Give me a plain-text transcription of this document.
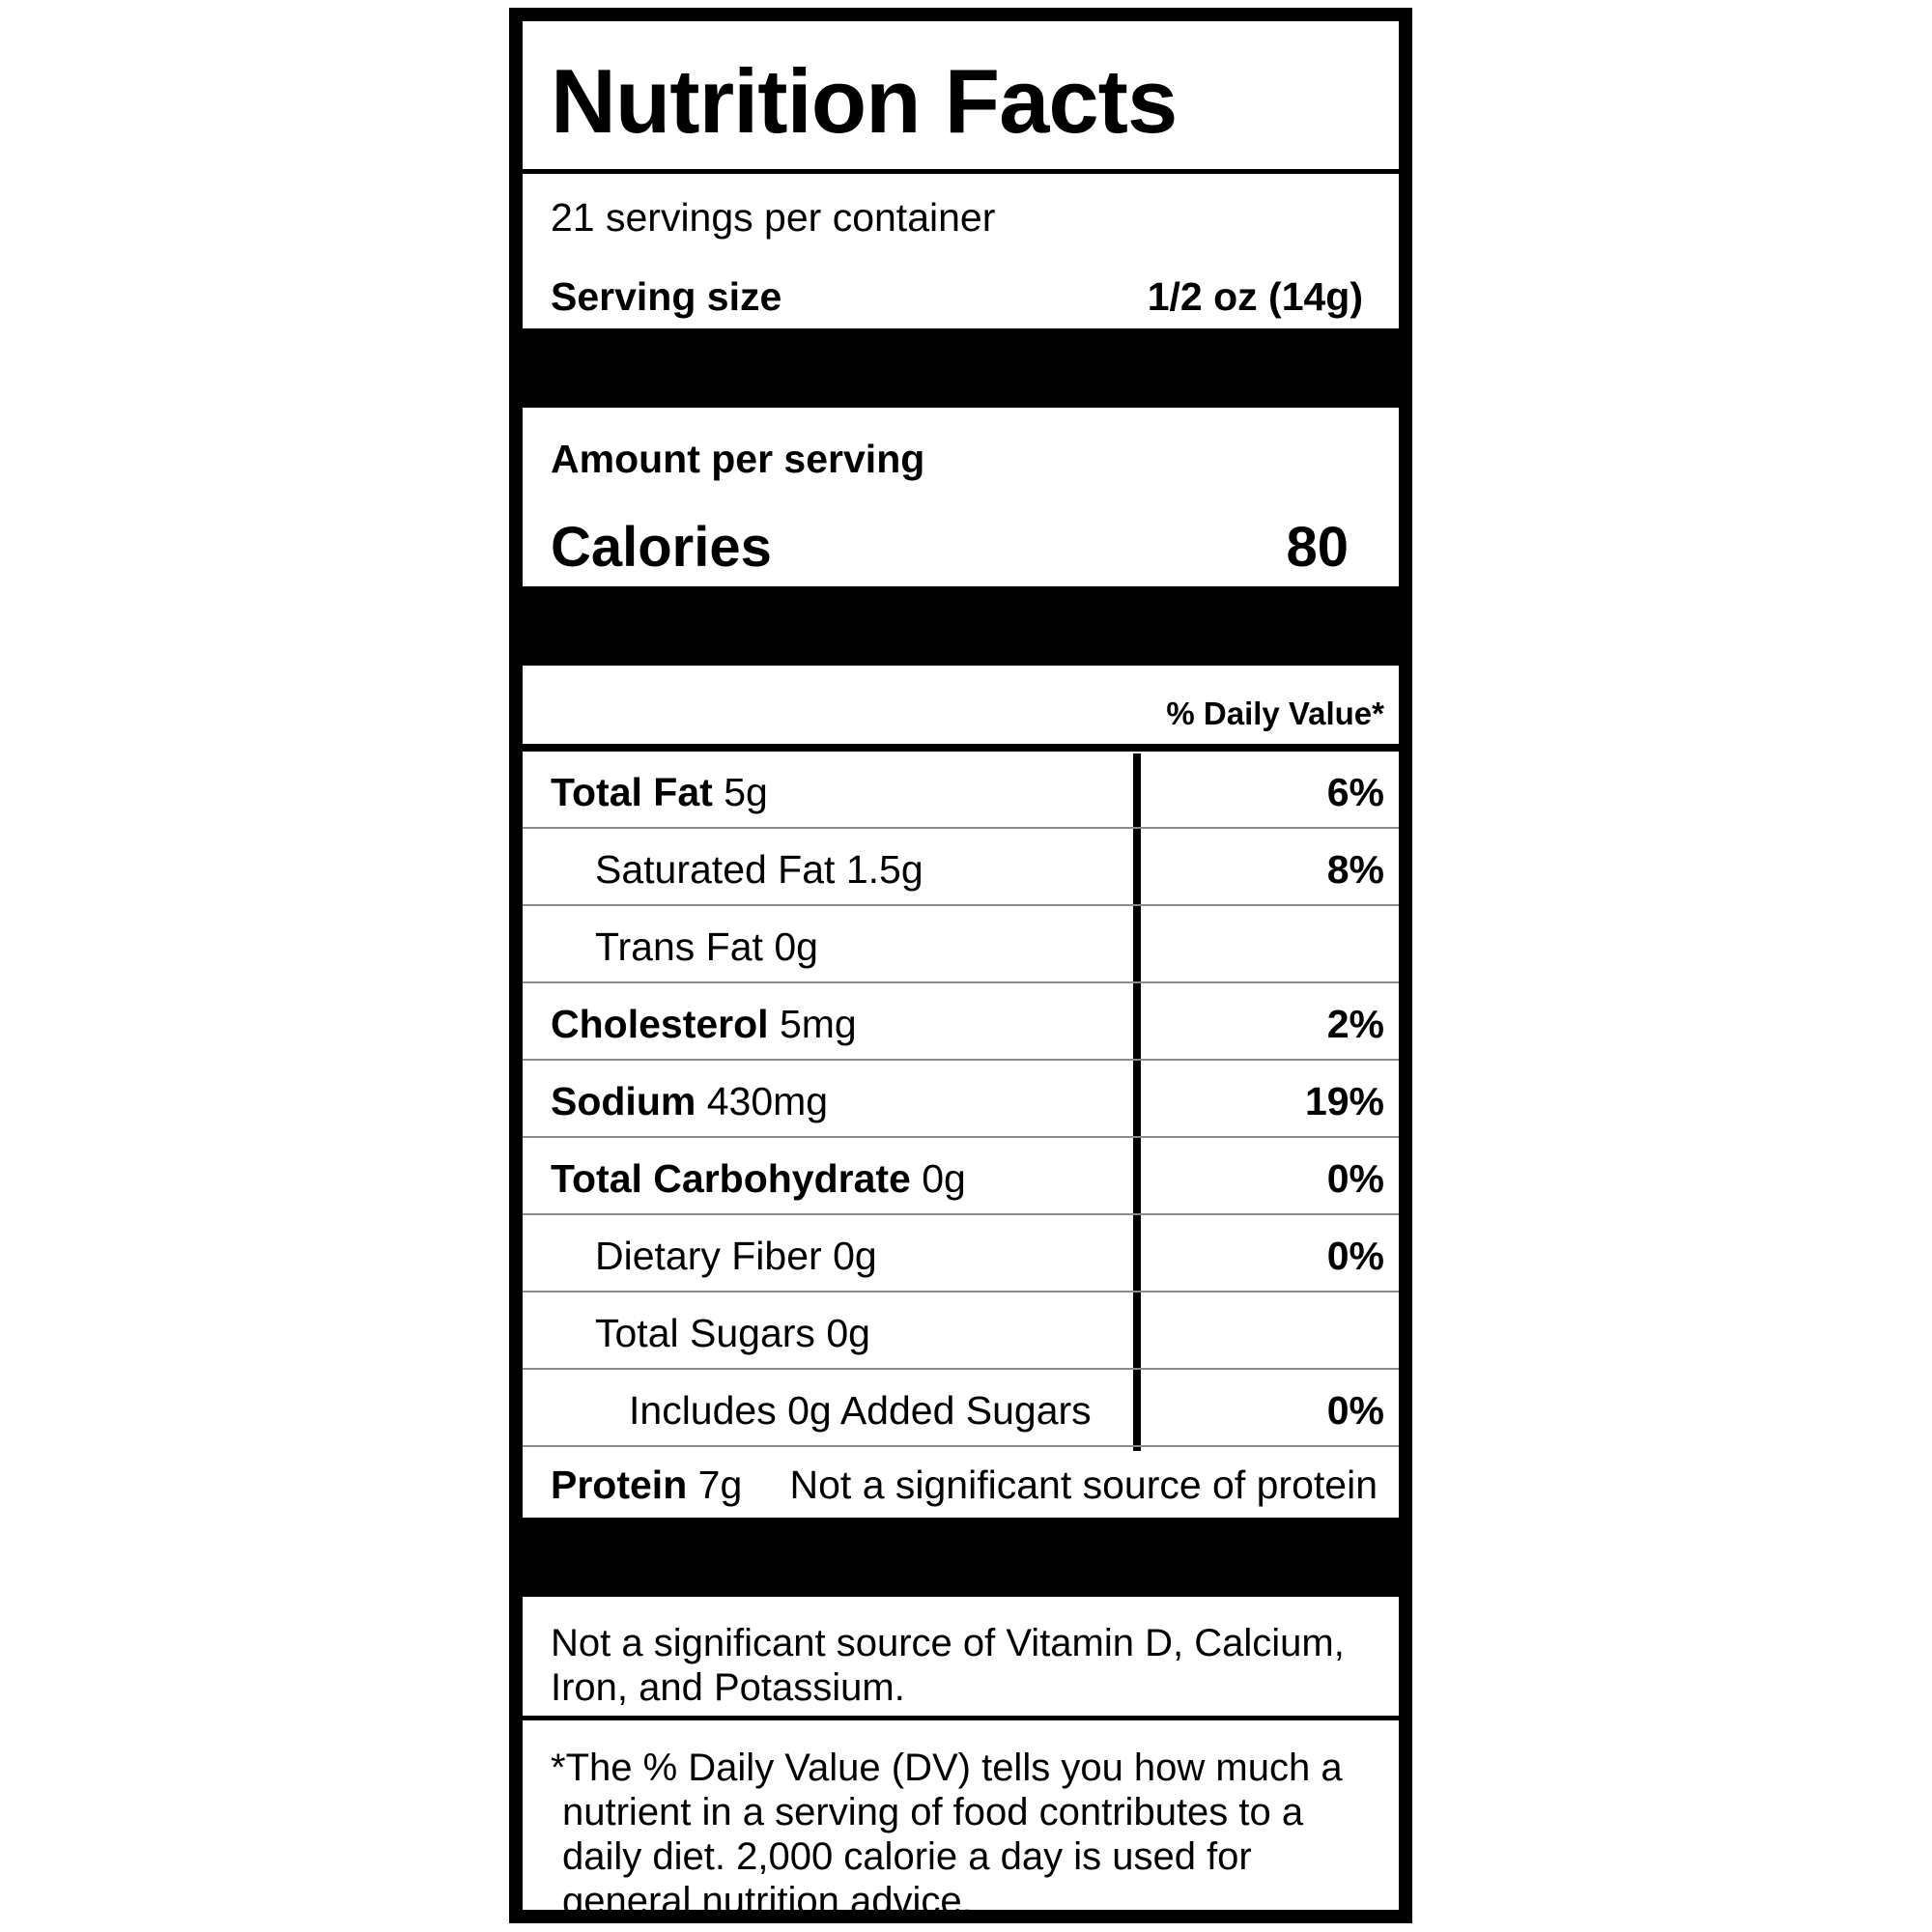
Nutrition Facts
21 servings per container
Serving size	1/2 oz (14g)
Amount per serving
Calories	80
% Daily Value*
Total Fat 5g	6%
Saturated Fat 1.5g	8%
Trans Fat 0g
Cholesterol 5mg	2%
Sodium 430mg	19%
Total Carbohydrate 0g	0%
Dietary Fiber 0g	0%
Total Sugars 0g
Includes 0g Added Sugars	0%
Protein 7g Not a significant source of protein
Not a significant source of Vitamin D, Calcium, Iron, and Potassium.
*The % Daily Value (DV) tells you how much a
nutrient in a serving of food contributes to a
daily diet. 2,000 calorie a day is used for
general nutrition advice.
